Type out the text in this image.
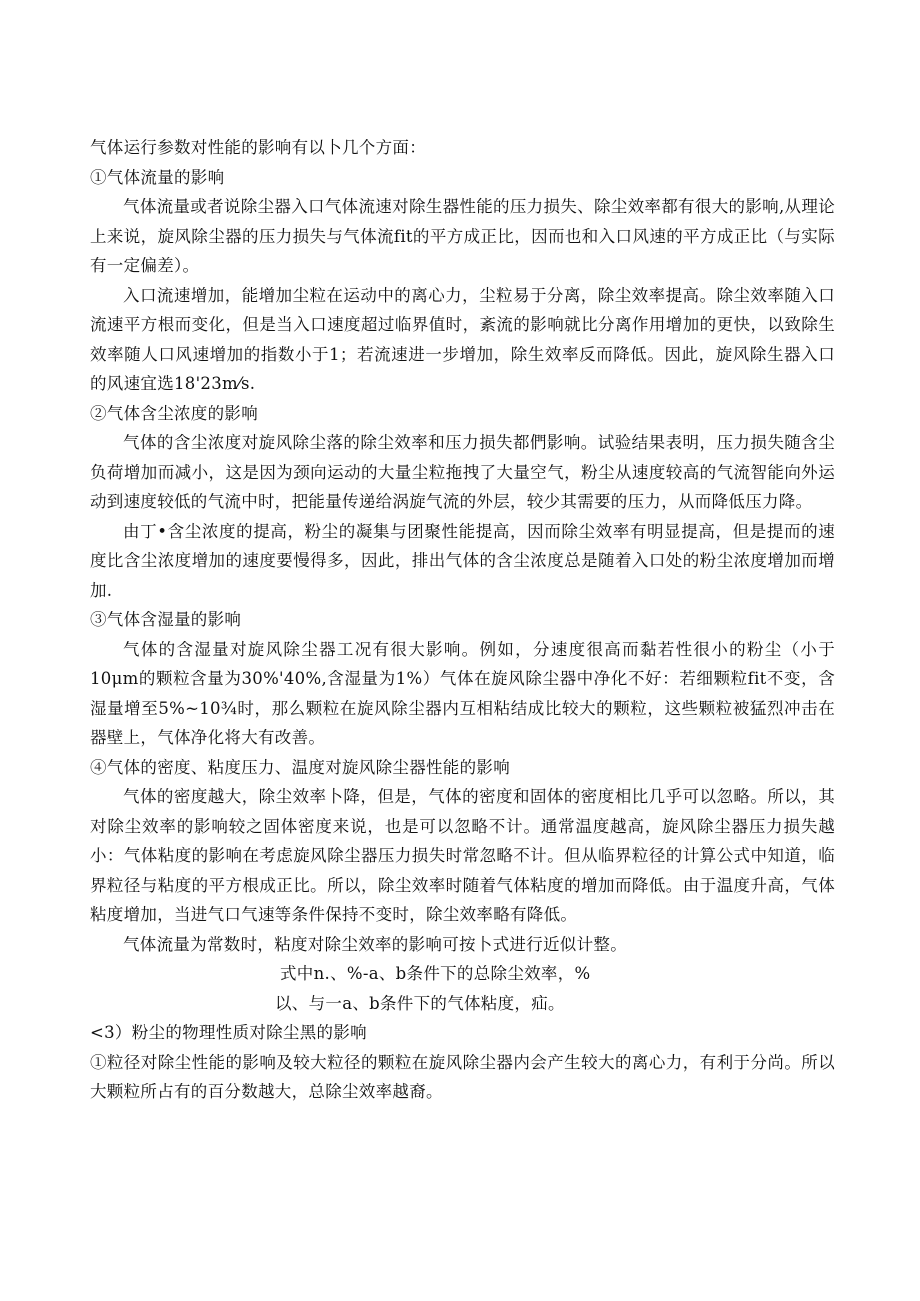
气体运行参数对性能的影响有以卜几个方面：

①气体流量的影响

气体流量或者说除尘器入口气体流速对除生器性能的压力损失、除尘效率都有很大的影响,从理论上来说，旋风除尘器的压力损失与气体流fit的平方成正比，因而也和入口风速的平方成正比（与实际有一定偏差）。

入口流速增加，能增加尘粒在运动中的离心力，尘粒易于分离，除尘效率提高。除尘效率随入口流速平方根而变化，但是当入口速度超过临界值时，紊流的影响就比分离作用增加的更快，以致除生效率随人口风速增加的指数小于1；若流速进一步增加，除生效率反而降低。因此，旋风除生器入口的风速宜选18'23m⁄s.

②气体含尘浓度的影响

气体的含尘浓度对旋风除尘落的除尘效率和压力损失都們影响。试验结果表明，压力损失随含尘负荷增加而减小，这是因为颈向运动的大量尘粒拖拽了大量空气，粉尘从速度较高的气流智能向外运动到速度较低的气流中时，把能量传递给涡旋气流的外层，较少其需要的压力，从而降低压力降。

由丁•含尘浓度的提高，粉尘的凝集与团聚性能提高，因而除尘效率有明显提高，但是提而的速度比含尘浓度增加的速度要慢得多，因此，排出气体的含尘浓度总是随着入口处的粉尘浓度增加而增加.

③气体含湿量的影响

气体的含湿量对旋风除尘器工况有很大影响。例如，分速度很高而黏若性很小的粉尘（小于10μm的颗粒含量为30%'40%,含湿量为1%）气体在旋风除尘器中净化不好：若细颗粒fit不变，含湿量增至5%~10¾时，那么颗粒在旋风除尘器内互相粘结成比较大的颗粒，这些颗粒被猛烈冲击在器壁上，气体净化将大有改善。

④气体的密度、粘度压力、温度对旋风除尘器性能的影响

气体的密度越大，除尘效率卜降，但是，气体的密度和固体的密度相比几乎可以忽略。所以，其对除尘效率的影响较之固体密度来说，也是可以忽略不计。通常温度越高，旋风除尘器压力损失越小：气体粘度的影响在考虑旋风除尘器压力损失时常忽略不计。但从临界粒径的计算公式中知道，临界粒径与粘度的平方根成正比。所以，除尘效率时随着气体粘度的增加而降低。由于温度升高，气体粘度增加，当进气口气速等条件保持不变时，除尘效率略有降低。

气体流量为常数时，粘度对除尘效率的影响可按卜式进行近似计整。

式中n.、%-a、b条件下的总除尘效率，%

以、与一a、b条件下的气体粘度，疝。

<3）粉尘的物理性质对除尘黑的影响

①粒径对除尘性能的影响及较大粒径的颗粒在旋风除尘器内会产生较大的离心力，有利于分尚。所以大颗粒所占有的百分数越大，总除尘效率越裔。
